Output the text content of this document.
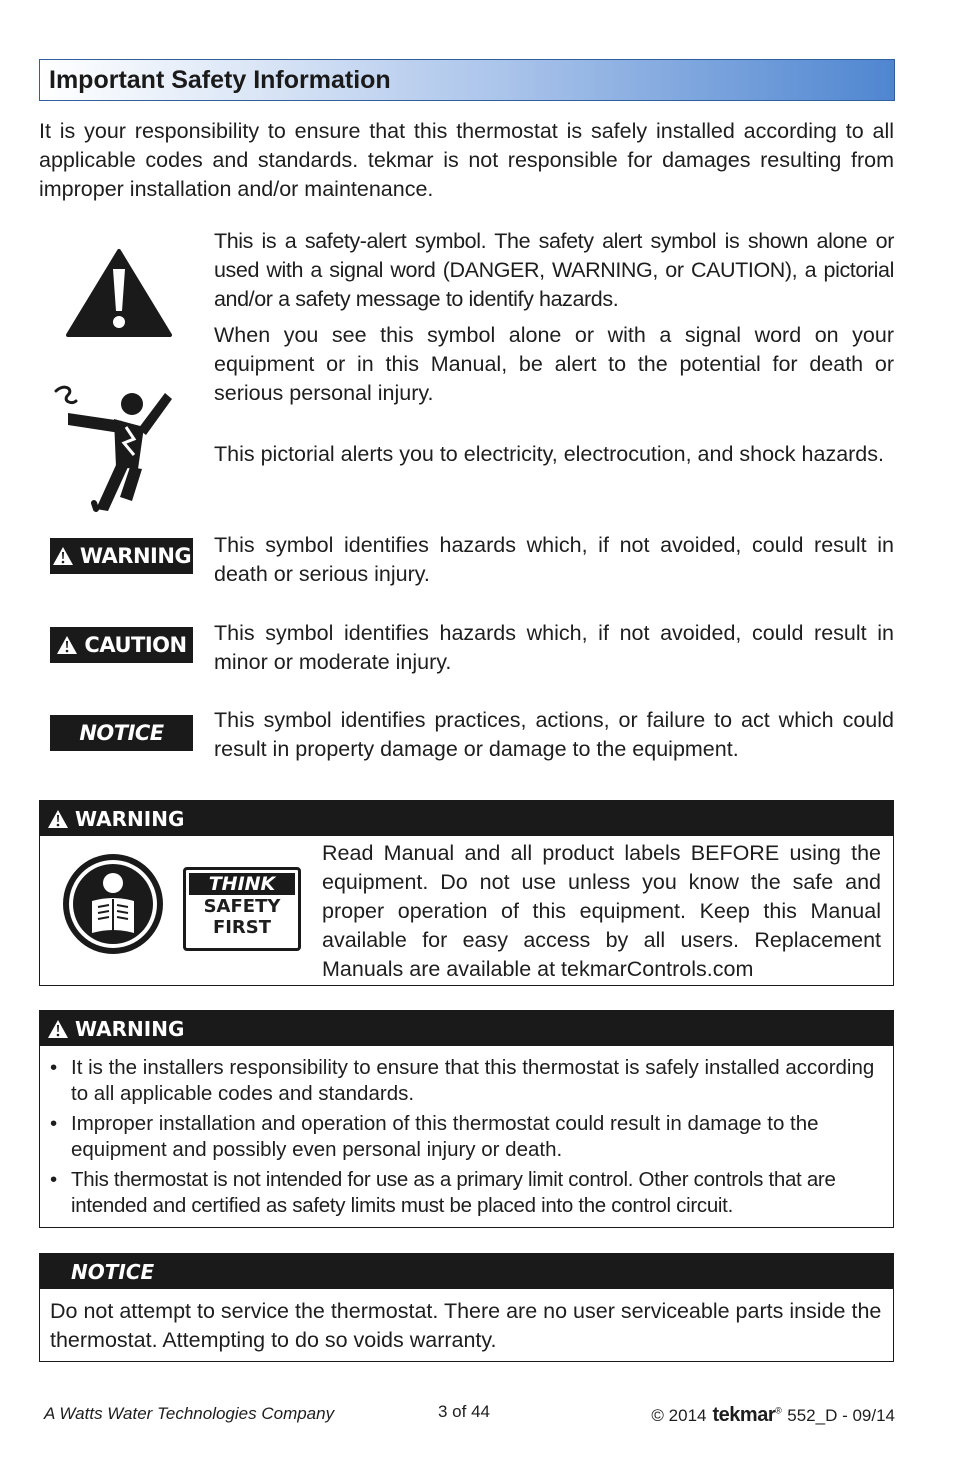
Important Safety Information

It is your responsibility to ensure that this thermostat is safely installed according to all applicable codes and standards. tekmar is not responsible for damages resulting from improper installation and/or maintenance.

This is a safety-alert symbol. The safety alert symbol is shown alone or used with a signal word (DANGER, WARNING, or CAUTION), a pictorial and/or a safety message to identify hazards.

When you see this symbol alone or with a signal word on your equipment or in this Manual, be alert to the potential for death or serious personal injury.

This pictorial alerts you to electricity, electrocution, and shock hazards.

WARNING This symbol identifies hazards which, if not avoided, could result in death or serious injury.

CAUTION This symbol identifies hazards which, if not avoided, could result in minor or moderate injury.

NOTICE

This symbol identifies practices, actions, or failure to act which could result in property damage or damage to the equipment.

WARNING
THINK
SAFETY
FIRST

Read Manual and all product labels BEFORE using the equipment. Do not use unless you know the safe and proper operation of this equipment. Keep this Manual available for easy access by all users. Replacement Manuals are available at tekmarControls.com

WARNING
• It is the installers responsibility to ensure that this thermostat is safely installed according to all applicable codes and standards.
• Improper installation and operation of this thermostat could result in damage to the equipment and possibly even personal injury or death.
• This thermostat is not intended for use as a primary limit control. Other controls that are intended and certified as safety limits must be placed into the control circuit.
NOTICE

Do not attempt to service the thermostat. There are no user serviceable parts inside the thermostat. Attempting to do so voids warranty.

A Watts Water Technologies Company	3 of 44	© 2014 tekmar® 552_D - 09/14
